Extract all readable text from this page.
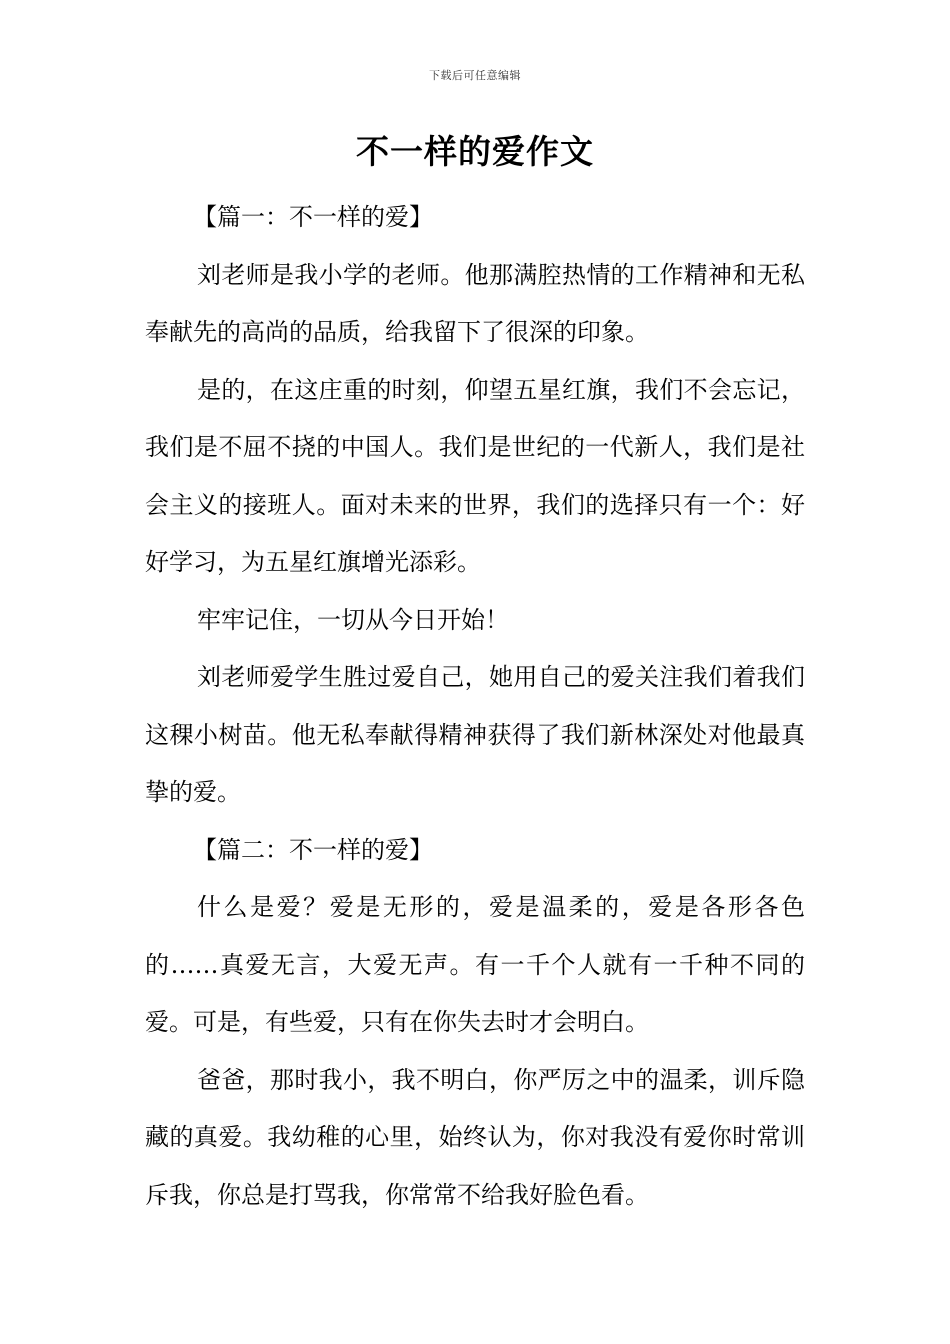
下载后可任意编辑
不一样的爱作文

【篇一：不一样的爱】

刘老师是我小学的老师。他那满腔热情的工作精神和无私奉献先的高尚的品质，给我留下了很深的印象。

是的，在这庄重的时刻，仰望五星红旗，我们不会忘记，我们是不屈不挠的中国人。我们是世纪的一代新人，我们是社会主义的接班人。面对未来的世界，我们的选择只有一个：好好学习，为五星红旗增光添彩。

牢牢记住，一切从今日开始！

刘老师爱学生胜过爱自己，她用自己的爱关注我们着我们这稞小树苗。他无私奉献得精神获得了我们新林深处对他最真挚的爱。

【篇二：不一样的爱】

什么是爱？爱是无形的，爱是温柔的，爱是各形各色的……真爱无言，大爱无声。有一千个人就有一千种不同的爱。可是，有些爱，只有在你失去时才会明白。

爸爸，那时我小，我不明白，你严厉之中的温柔，训斥隐藏的真爱。我幼稚的心里，始终认为，你对我没有爱你时常训斥我，你总是打骂我，你常常不给我好脸色看。
